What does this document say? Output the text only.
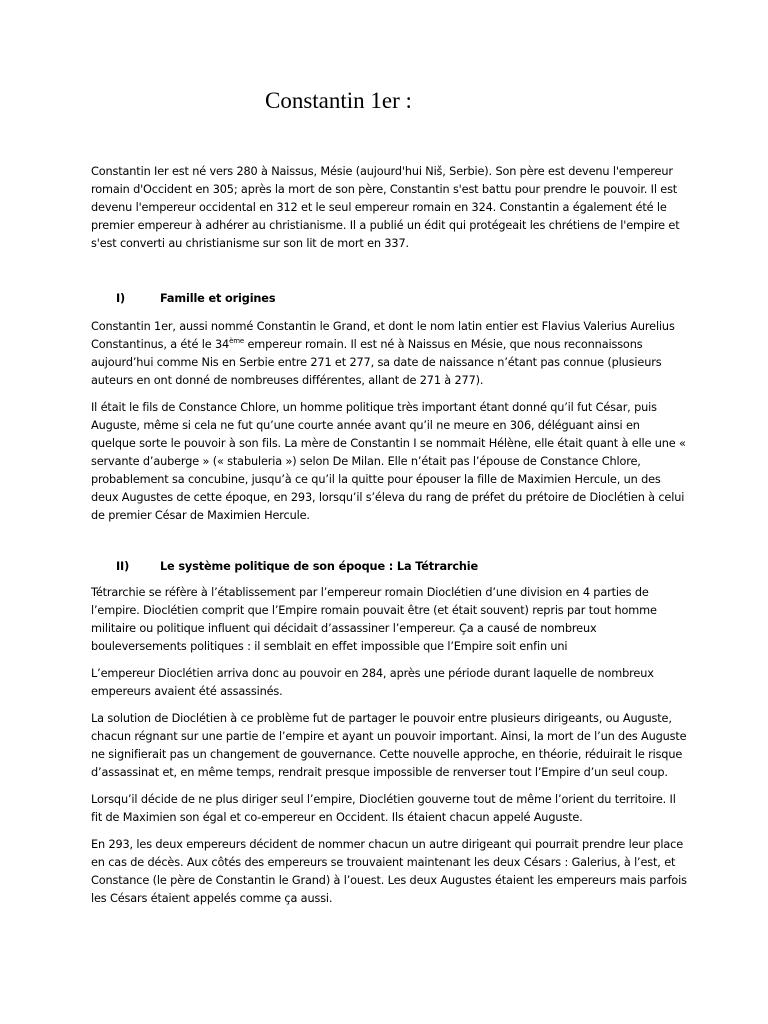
Constantin 1er :

Constantin Ier est né vers 280 à Naissus, Mésie (aujourd'hui Niš, Serbie). Son père est devenu l'empereur romain d'Occident en 305; après la mort de son père, Constantin s'est battu pour prendre le pouvoir. Il est devenu l'empereur occidental en 312 et le seul empereur romain en 324. Constantin a également été le premier empereur à adhérer au christianisme. Il a publié un édit qui protégeait les chrétiens de l'empire et s'est converti au christianisme sur son lit de mort en 337.

I)	Famille et origines

Constantin 1er, aussi nommé Constantin le Grand, et dont le nom latin entier est Flavius Valerius Aurelius Constantinus, a été le 34ème empereur romain. Il est né à Naissus en Mésie, que nous reconnaissons aujourd’hui comme Nis en Serbie entre 271 et 277, sa date de naissance n’étant pas connue (plusieurs auteurs en ont donné de nombreuses différentes, allant de 271 à 277).

Il était le fils de Constance Chlore, un homme politique très important étant donné qu’il fut César, puis Auguste, même si cela ne fut qu’une courte année avant qu’il ne meure en 306, déléguant ainsi en quelque sorte le pouvoir à son fils. La mère de Constantin I se nommait Hélène, elle était quant à elle une « servante d’auberge » (« stabuleria ») selon De Milan. Elle n’était pas l’épouse de Constance Chlore, probablement sa concubine, jusqu’à ce qu’il la quitte pour épouser la fille de Maximien Hercule, un des deux Augustes de cette époque, en 293, lorsqu’il s’éleva du rang de préfet du prétoire de Dioclétien à celui de premier César de Maximien Hercule.

II)	Le système politique de son époque : La Tétrarchie

Tétrarchie se réfère à l’établissement par l’empereur romain Dioclétien d’une division en 4 parties de l’empire. Dioclétien comprit que l’Empire romain pouvait être (et était souvent) repris par tout homme militaire ou politique influent qui décidait d’assassiner l’empereur. Ça a causé de nombreux bouleversements politiques : il semblait en effet impossible que l’Empire soit enfin uni

L’empereur Dioclétien arriva donc au pouvoir en 284, après une période durant laquelle de nombreux empereurs avaient été assassinés.

La solution de Dioclétien à ce problème fut de partager le pouvoir entre plusieurs dirigeants, ou Auguste, chacun régnant sur une partie de l’empire et ayant un pouvoir important. Ainsi, la mort de l’un des Auguste ne signifierait pas un changement de gouvernance. Cette nouvelle approche, en théorie, réduirait le risque d’assassinat et, en même temps, rendrait presque impossible de renverser tout l’Empire d’un seul coup.

Lorsqu’il décide de ne plus diriger seul l’empire, Dioclétien gouverne tout de même l’orient du territoire. Il fit de Maximien son égal et co-empereur en Occident. Ils étaient chacun appelé Auguste.

En 293, les deux empereurs décident de nommer chacun un autre dirigeant qui pourrait prendre leur place en cas de décès. Aux côtés des empereurs se trouvaient maintenant les deux Césars : Galerius, à l’est, et Constance (le père de Constantin le Grand) à l’ouest. Les deux Augustes étaient les empereurs mais parfois les Césars étaient appelés comme ça aussi.
